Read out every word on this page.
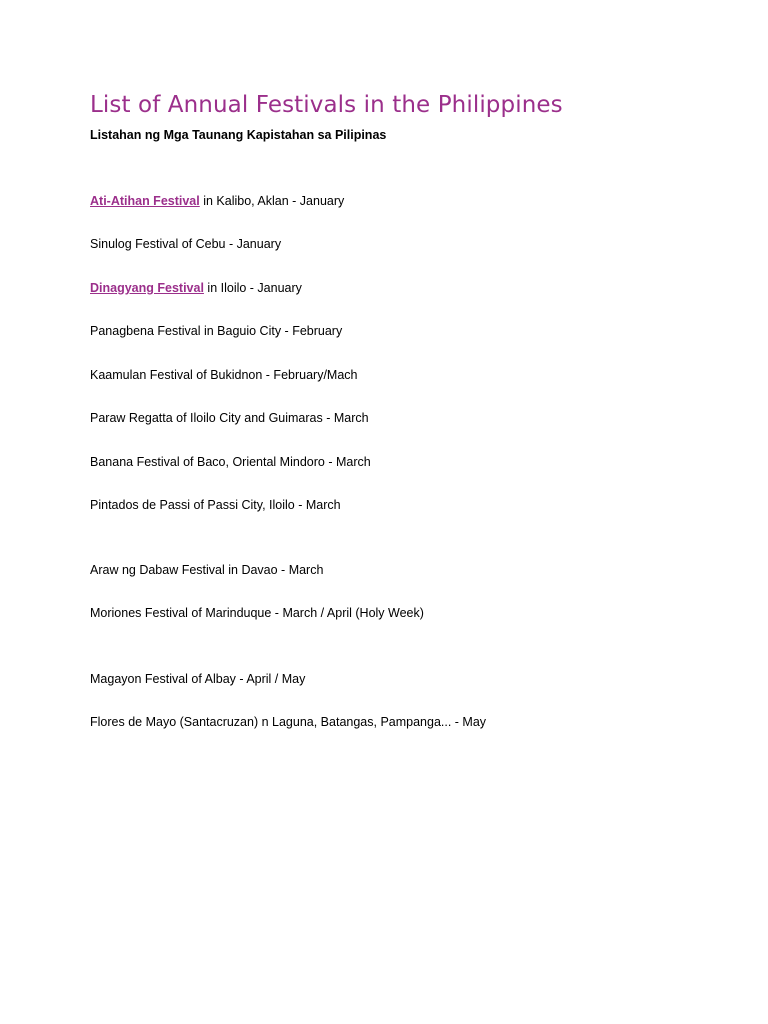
List of Annual Festivals in the Philippines

Listahan ng Mga Taunang Kapistahan sa Pilipinas

Ati-Atihan Festival in Kalibo, Aklan - January

Sinulog Festival of Cebu - January

Dinagyang Festival in Iloilo - January

Panagbena Festival in Baguio City - February

Kaamulan Festival of Bukidnon - February/Mach

Paraw Regatta of Iloilo City and Guimaras - March

Banana Festival of Baco, Oriental Mindoro - March

Pintados de Passi of Passi City, Iloilo - March

Araw ng Dabaw Festival in Davao - March

Moriones Festival of Marinduque - March / April (Holy Week)

Magayon Festival of Albay - April / May

Flores de Mayo (Santacruzan) n Laguna, Batangas, Pampanga... - May
